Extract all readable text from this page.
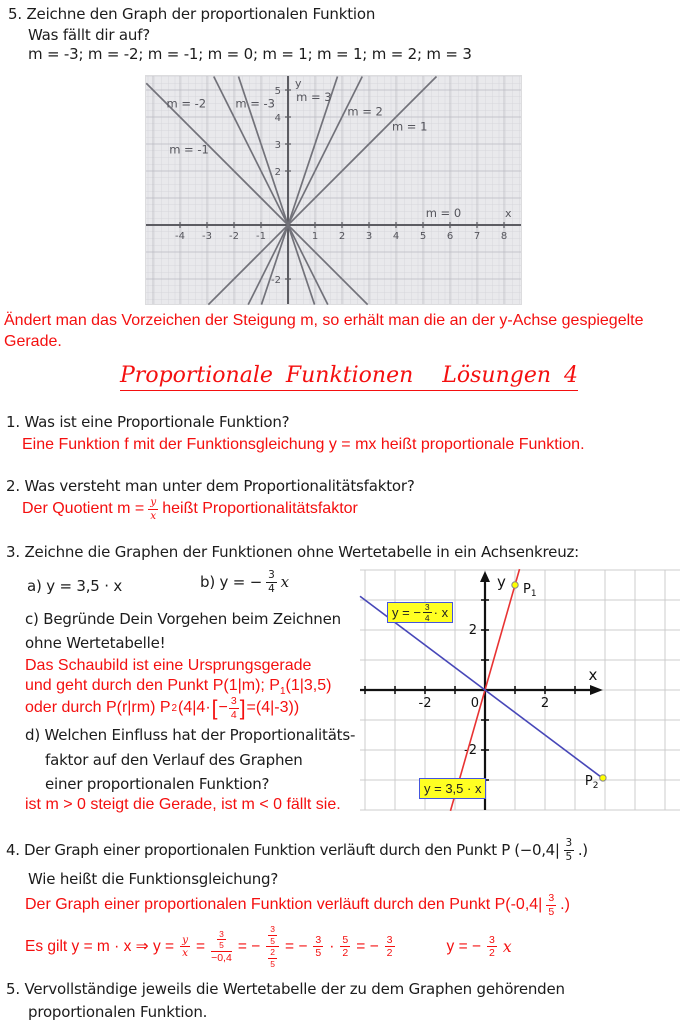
5. Zeichne den Graph der proportionalen Funktion
Was fällt dir auf?
m = -3; m = -2; m = -1; m = 0; m = 1; m = 1; m = 2; m = 3
-4 -3 -2 -1	1 2 3 4 5 6 7 8
5
4
3
2
-2
m = -2	m = -3 m = 3
m = 2
m = 1
m = -1
m = 0
y
x
Ändert man das Vorzeichen der Steigung m, so erhält man die an der y-Achse gespiegelte Gerade.
Proportionale Funktionen Lösungen 4
1. Was ist eine Proportionale Funktion?
Eine Funktion f mit der Funktionsgleichung y = mx heißt proportionale Funktion.
2. Was versteht man unter dem Proportionalitätsfaktor?
Der Quotient $m = \frac{y}{x}$ heißt Proportionalitätsfaktor
3. Zeichne die Graphen der Funktionen ohne Wertetabelle in ein Achsenkreuz:
a) y = 3,5 · x	b) y = − $\frac{3}{4}$ x
c) Begründe Dein Vorgehen beim Zeichnen
ohne Wertetabelle!
Das Schaubild ist eine Ursprungsgerade
und geht durch den Punkt P(1|m); $P_1(1|3,5)$
oder durch P(r|rm) P 2 (4|4· [ − $\frac{3}{4}$ ] =(4|-3))
d) Welchen Einfluss hat der Proportionalitäts-
faktor auf den Verlauf des Graphen
einer proportionalen Funktion?
ist m > 0 steigt die Gerade, ist m < 0 fällt sie.
-2	0	2
2
-2
x
y $P_1$
$P_2$
y = − $\frac{3}{4} \cdot x$
y = 3,5 · x
4. Der Graph einer proportionalen Funktion verläuft durch den Punkt P (−0,4| 3
5 .)
Wie heißt die Funktionsgleichung?
Der Graph einer proportionalen Funktion verläuft durch den Punkt P(-0,4| 3
5 .)
Es gilt y = m · x ⇒ $y = \frac{y}{x} = \frac{\frac{3}{5}}{-0,4}$ = − $\frac{\frac{3}{5}}{\frac{2}{5}}$ = − $\frac{3}{5} \cdot \frac{5}{2}$ = − $\frac{3}{2}$	y = − $\frac{3}{2}$ x
5. Vervollständige jeweils die Wertetabelle der zu dem Graphen gehörenden
proportionalen Funktion.
